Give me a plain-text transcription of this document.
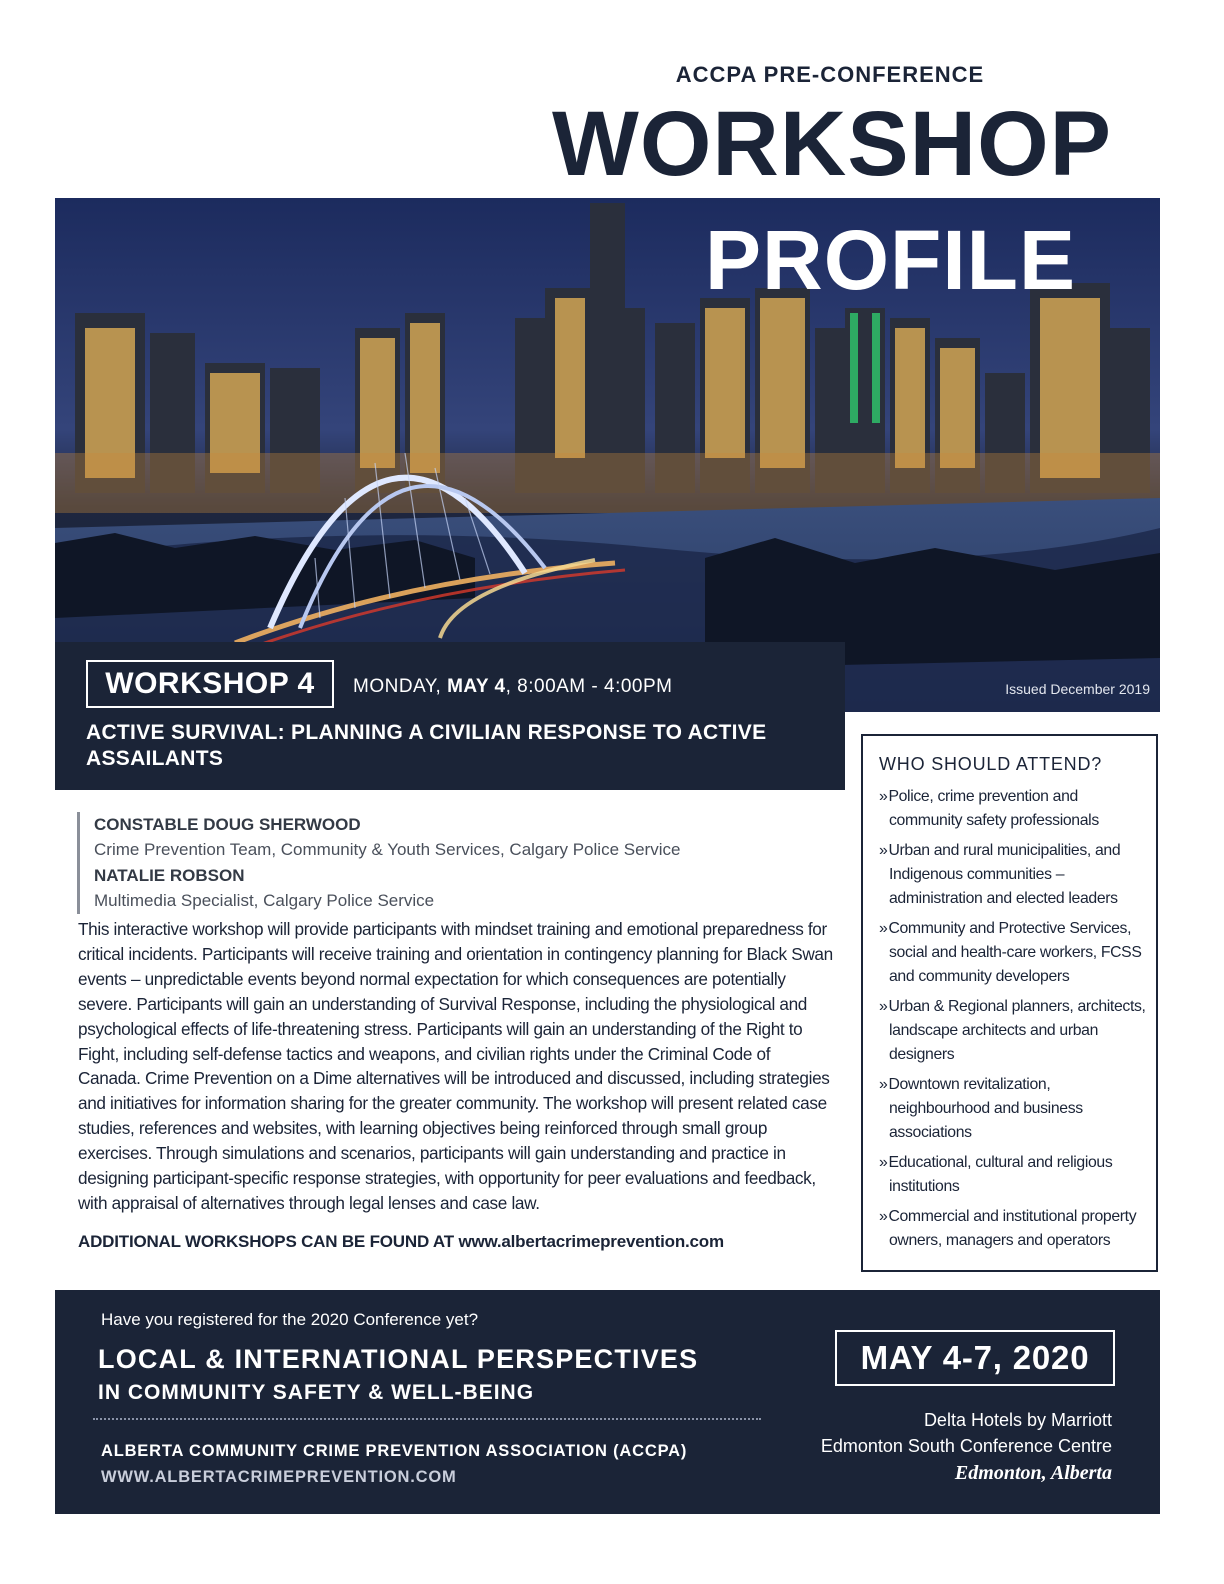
ACCPA PRE-CONFERENCE
WORKSHOP
PROFILE
Issued December 2019
WORKSHOP 4	MONDAY, MAY 4, 8:00AM - 4:00PM
ACTIVE SURVIVAL: PLANNING A CIVILIAN RESPONSE TO ACTIVE ASSAILANTS
CONSTABLE DOUG SHERWOOD
Crime Prevention Team, Community & Youth Services, Calgary Police Service
NATALIE ROBSON
Multimedia Specialist, Calgary Police Service
This interactive workshop will provide participants with mindset training and emotional preparedness for critical incidents. Participants will receive training and orientation in contingency planning for Black Swan events – unpredictable events beyond normal expectation for which consequences are potentially severe. Participants will gain an understanding of Survival Response, including the physiological and psychological effects of life-threatening stress. Participants will gain an understanding of the Right to Fight, including self-defense tactics and weapons, and civilian rights under the Criminal Code of Canada. Crime Prevention on a Dime alternatives will be introduced and discussed, including strategies and initiatives for information sharing for the greater community. The workshop will present related case studies, references and websites, with learning objectives being reinforced through small group exercises. Through simulations and scenarios, participants will gain understanding and practice in designing participant-specific response strategies, with opportunity for peer evaluations and feedback, with appraisal of alternatives through legal lenses and case law.
ADDITIONAL WORKSHOPS CAN BE FOUND AT www.albertacrimeprevention.com
WHO SHOULD ATTEND?
»Police, crime prevention and community safety professionals
»Urban and rural municipalities, and Indigenous communities – administration and elected leaders
»Community and Protective Services, social and health-care workers, FCSS and community developers
»Urban & Regional planners, architects, landscape architects and urban designers
»Downtown revitalization, neighbourhood and business associations
»Educational, cultural and religious institutions
»Commercial and institutional property owners, managers and operators
Have you registered for the 2020 Conference yet?
LOCAL & INTERNATIONAL PERSPECTIVES
IN COMMUNITY SAFETY & WELL-BEING
ALBERTA COMMUNITY CRIME PREVENTION ASSOCIATION (ACCPA)
WWW.ALBERTACRIMEPREVENTION.COM
MAY 4-7, 2020
Delta Hotels by Marriott
Edmonton South Conference Centre
Edmonton, Alberta
